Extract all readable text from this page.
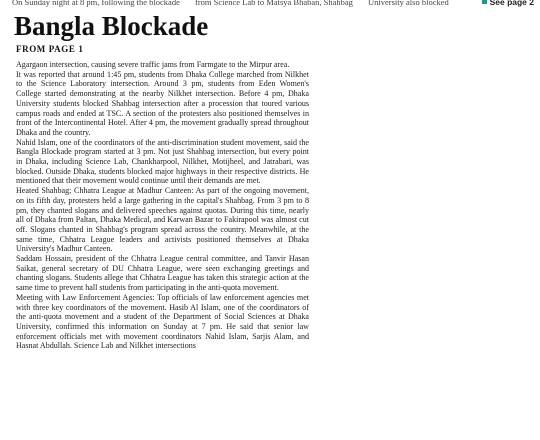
On Sunday night at 8 pm, following the blockade from Science Lab to Matsya Bhaban, Shahbag University also blocked	See page 2
Bangla Blockade
FROM PAGE 1

Agargaon intersection, causing severe traffic jams from Farmgate to the Mirpur area.

It was reported that around 1:45 pm, students from Dhaka College marched from Nilkhet to the Science Laboratory intersection. Around 3 pm, students from Eden Women's College started demonstrating at the nearby Nilkhet intersection. Before 4 pm, Dhaka University students blocked Shahbag intersection after a procession that toured various campus roads and ended at TSC. A section of the protesters also positioned themselves in front of the Intercontinental Hotel. After 4 pm, the movement gradually spread throughout Dhaka and the country.

Nahid Islam, one of the coordinators of the anti-discrimination student movement, said the Bangla Blockade program started at 3 pm. Not just Shahbag intersection, but every point in Dhaka, including Science Lab, Chankharpool, Nilkhet, Motijheel, and Jatrabari, was blocked. Outside Dhaka, students blocked major highways in their respective districts. He mentioned that their movement would continue until their demands are met.

Heated Shahbag; Chhatra League at Madhur Canteen: As part of the ongoing movement, on its fifth day, protesters held a large gathering in the capital's Shahbag. From 3 pm to 8 pm, they chanted slogans and delivered speeches against quotas. During this time, nearly all of Dhaka from Paltan, Dhaka Medical, and Karwan Bazar to Fakirapool was almost cut off. Slogans chanted in Shahbag's program spread across the country. Meanwhile, at the same time, Chhatra League leaders and activists positioned themselves at Dhaka University's Madhur Canteen.

Saddam Hossain, president of the Chhatra League central committee, and Tanvir Hasan Saikat, general secretary of DU Chhatra League, were seen exchanging greetings and chanting slogans. Students allege that Chhatra League has taken this strategic action at the same time to prevent hall students from participating in the anti-quota movement.

Meeting with Law Enforcement Agencies: Top officials of law enforcement agencies met with three key coordinators of the movement. Hasib Al Islam, one of the coordinators of the anti-quota movement and a student of the Department of Social Sciences at Dhaka University, confirmed this information on Sunday at 7 pm. He said that senior law enforcement officials met with movement coordinators Nahid Islam, Sarjis Alam, and Hasnat Abdullah. Science Lab and Nilkhet intersections
